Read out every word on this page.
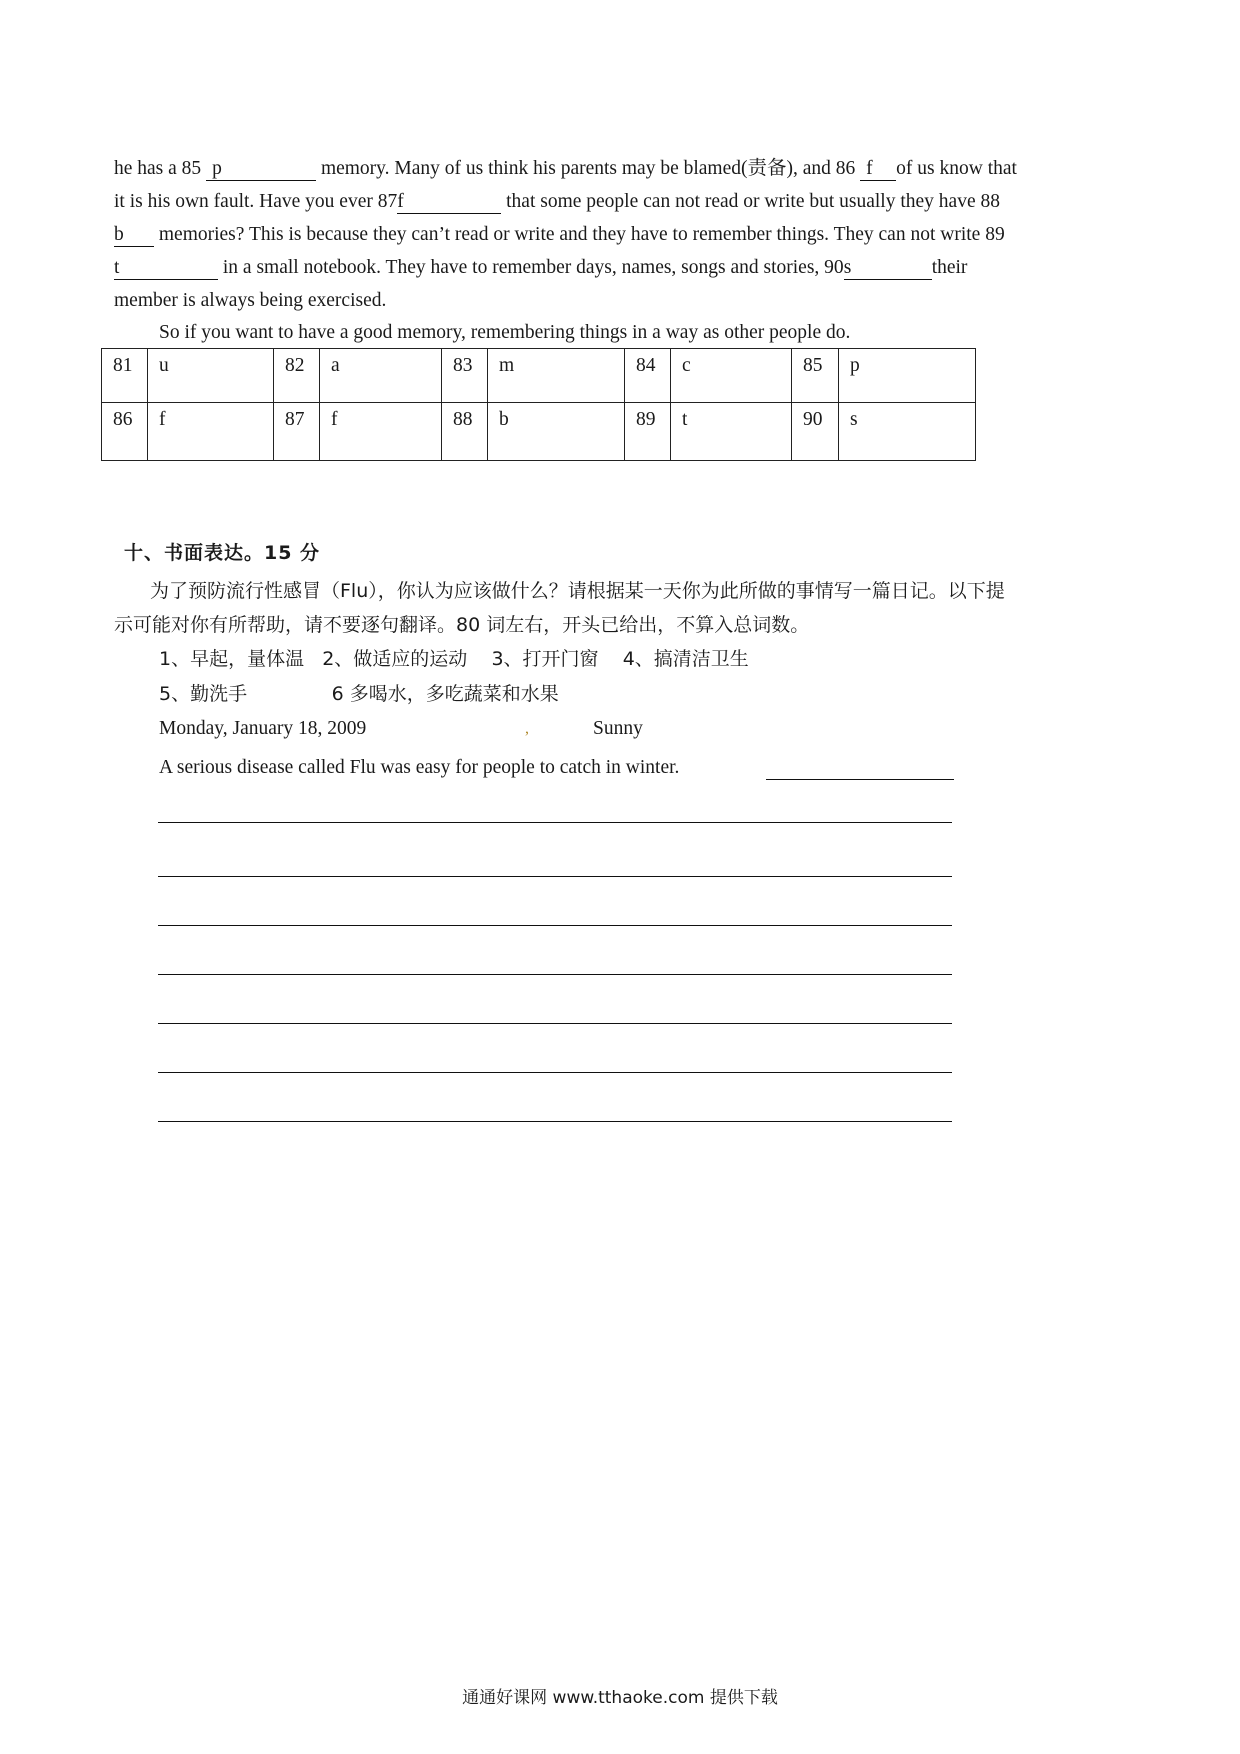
he has a 85 p	memory. Many of us think his parents may be blamed(责备), and 86 f of us know that

it is his own fault. Have you ever 87f	that some people can not read or write but usually they have 88

b memories? This is because they can’t read or write and they have to remember things. They can not write 89

t	in a small notebook. They have to remember days, names, songs and stories, 90s	their

member is always being exercised.

So if you want to have a good memory, remembering things in a way as other people do.
81	u	82	a	83	m	84	c	85	p
86	f	87	f	88	b	89	t	90	s
十、书面表达。15 分

为了预防流行性感冒（Flu），你认为应该做什么？请根据某一天你为此所做的事情写一篇日记。以下提

示可能对你有所帮助，请不要逐句翻译。80 词左右，开头已给出，不算入总词数。

1、早起，量体温   2、做适应的运动    3、打开门窗    4、搞清洁卫生
5、勤洗手              6 多喝水，多吃蔬菜和水果
Monday, January 18, 2009	,	Sunny
A serious disease called Flu was easy for people to catch in winter.
通通好课网 www.tthaoke.com 提供下载
